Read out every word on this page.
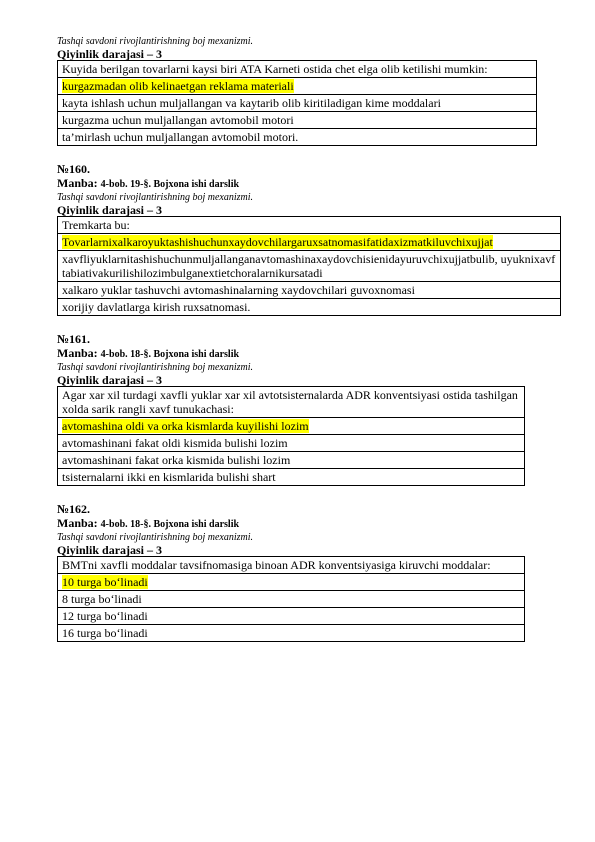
Tashqi savdoni rivojlantirishning boj mexanizmi.

Qiyinlik darajasi – 3

Kuyida berilgan tovarlarni kaysi biri ATA Karneti ostida chet elga olib ketilishi mumkin:
kurgazmadan olib kelinaetgan reklama materiali
kayta ishlash uchun muljallangan va kaytarib olib kiritiladigan kime moddalari
kurgazma uchun muljallangan avtomobil motori
ta’mirlash uchun muljallangan avtomobil motori.

№160.

Manba: 4-bob. 19-§. Bojxona ishi darslik

Tashqi savdoni rivojlantirishning boj mexanizmi.

Qiyinlik darajasi – 3

Tremkarta bu:
Tovarlarnixalkaroyuktashishuchunxaydovchilargaruxsatnomasifatidaxizmatkiluvchixujjat
xavfliyuklarnitashishuchunmuljallanganavtomashinaxaydovchisienidayuruvchixujjatbulib, uyuknixavftabiativakurilishilozimbulganextietchoralarnikursatadi
xalkaro yuklar tashuvchi avtomashinalarning xaydovchilari guvoxnomasi
xorijiy davlatlarga kirish ruxsatnomasi.

№161.

Manba: 4-bob. 18-§. Bojxona ishi darslik

Tashqi savdoni rivojlantirishning boj mexanizmi.

Qiyinlik darajasi – 3

Agar xar xil turdagi xavfli yuklar xar xil avtotsisternalarda ADR konventsiyasi ostida tashilgan xolda sarik rangli xavf tunukachasi:
avtomashina oldi va orka kismlarda kuyilishi lozim
avtomashinani fakat oldi kismida bulishi lozim
avtomashinani fakat orka kismida bulishi lozim
tsisternalarni ikki en kismlarida bulishi shart

№162.

Manba: 4-bob. 18-§. Bojxona ishi darslik

Tashqi savdoni rivojlantirishning boj mexanizmi.

Qiyinlik darajasi – 3

BMTni xavfli moddalar tavsifnomasiga binoan ADR konventsiyasiga kiruvchi moddalar:
10 turga bo‘linadi
8 turga bo‘linadi
12 turga bo‘linadi
16 turga bo‘linadi
